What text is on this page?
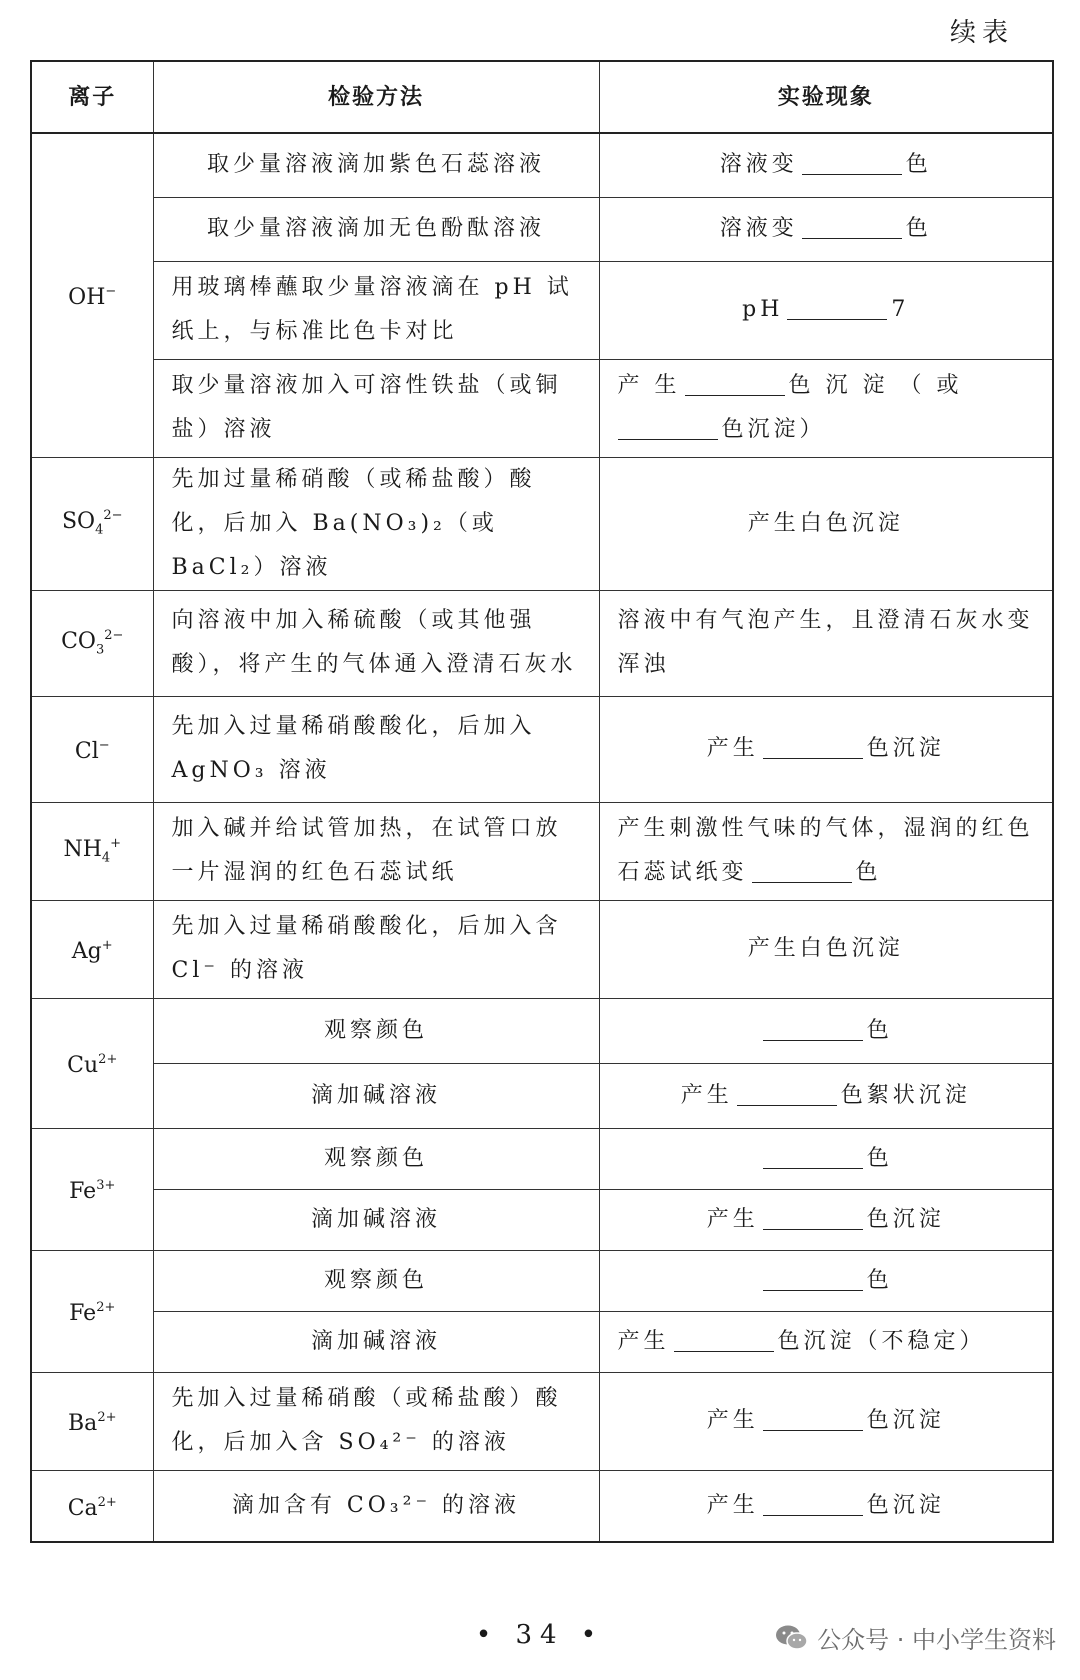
续表
离子	检验方法	实验现象
OH−	取少量溶液滴加紫色石蕊溶液	溶液变 色
	取少量溶液滴加无色酚酞溶液	溶液变 色
	用玻璃棒蘸取少量溶液滴在 pH 试纸上，与标准比色卡对比	pH 7
	取少量溶液加入可溶性铁盐（或铜盐）溶液	产 生 色 沉 淀 （ 或
色沉淀）
$SO_4^{2-}$	先加过量稀硝酸（或稀盐酸）酸化，后加入 Ba(NO₃)₂（或 BaCl₂）溶液	产生白色沉淀
$CO_3^{2-}$	向溶液中加入稀硫酸（或其他强酸），将产生的气体通入澄清石灰水	溶液中有气泡产生，且澄清石灰水变浑浊
Cl−	先加入过量稀硝酸酸化，后加入 AgNO₃ 溶液	产生 色沉淀
$NH_4^+$	加入碱并给试管加热，在试管口放一片湿润的红色石蕊试纸	产生刺激性气味的气体，湿润的红色石蕊试纸变 色
Ag+	先加入过量稀硝酸酸化，后加入含 Cl⁻ 的溶液	产生白色沉淀
$Cu^{2+}$	观察颜色	色
	滴加碱溶液	产生 色絮状沉淀
$Fe^{3+}$	观察颜色	色
	滴加碱溶液	产生 色沉淀
$Fe^{2+}$	观察颜色	色
	滴加碱溶液	产生 色沉淀（不稳定）
$Ba^{2+}$	先加入过量稀硝酸（或稀盐酸）酸化，后加入含 SO₄²⁻ 的溶液	产生 色沉淀
$Ca^{2+}$	滴加含有 CO₃²⁻ 的溶液	产生 色沉淀
• 34 •	公众号 · 中小学生资料
